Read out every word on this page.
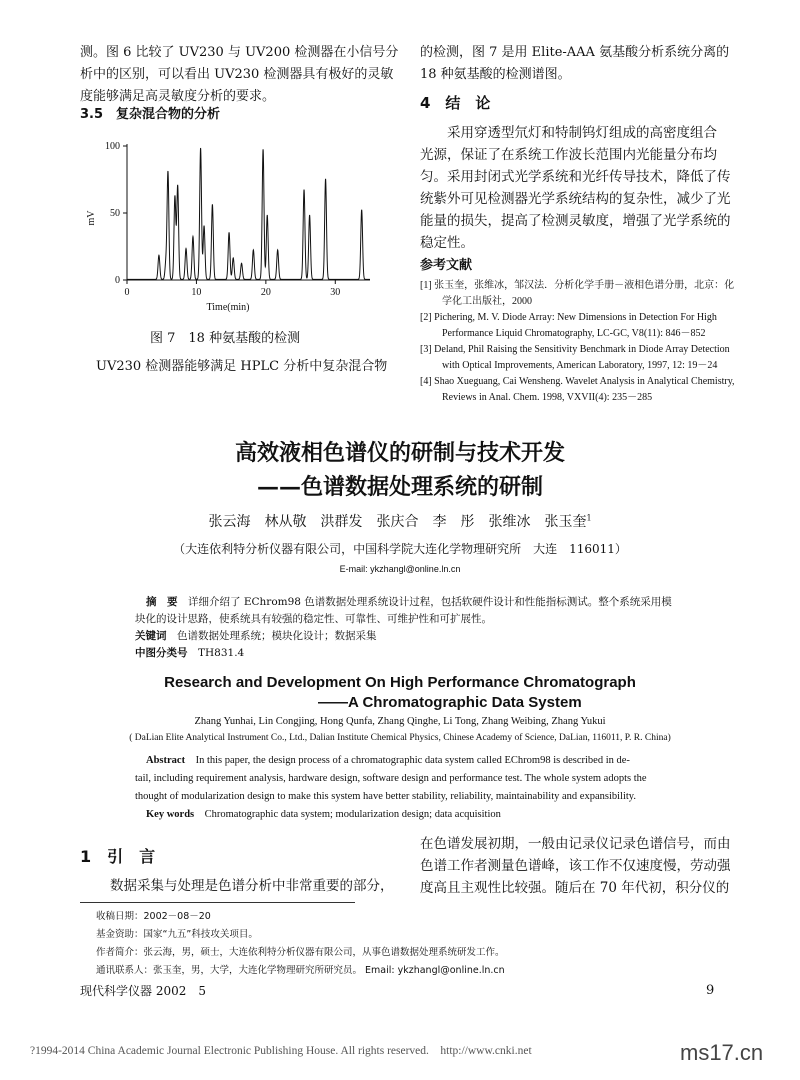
测。图 6 比较了 UV230 与 UV200 检测器在小信号分
析中的区别，可以看出 UV230 检测器具有极好的灵敏
度能够满足高灵敏度分析的要求。
3.5　复杂混合物的分析
0
50
100
0	10	20	30
mV
Time(min)
图 7　18 种氨基酸的检测
UV230 检测器能够满足 HPLC 分析中复杂混合物
的检测，图 7 是用 Elite-AAA 氨基酸分析系统分离的
18 种氨基酸的检测谱图。
4　结　论
采用穿透型氘灯和特制钨灯组成的高密度组合
光源，保证了在系统工作波长范围内光能量分布均
匀。采用封闭式光学系统和光纤传导技术，降低了传
统紫外可见检测器光学系统结构的复杂性，减少了光
能量的损失，提高了检测灵敏度，增强了光学系统的
稳定性。
参考文献
[1] 张玉奎，张维冰，邹汉法．分析化学手册－液相色谱分册，北京：化
学化工出版社，2000
[2] Pichering, M. V. Diode Array: New Dimensions in Detection For High
Performance Liquid Chromatography, LC-GC, V8(11): 846－852
[3] Deland, Phil Raising the Sensitivity Benchmark in Diode Array Detection
with Optical Improvements, American Laboratory, 1997, 12: 19－24
[4] Shao Xueguang, Cai Wensheng. Wavelet Analysis in Analytical Chemistry,
Reviews in Anal. Chem. 1998, VXVII(4): 235－285
高效液相色谱仪的研制与技术开发
——色谱数据处理系统的研制
张云海　林从敬　洪群发　张庆合　李　彤　张维冰　张玉奎$^1$
（大连依利特分析仪器有限公司，中国科学院大连化学物理研究所　大连　116011）
E-mail: ykzhangl@online.ln.cn
摘　要　 详细介绍了 EChrom98 色谱数据处理系统设计过程，包括软硬件设计和性能指标测试。整个系统采用模
块化的设计思路，使系统具有较强的稳定性、可靠性、可维护性和可扩展性。
关键词　 色谱数据处理系统；模块化设计；数据采集
中图分类号　 TH831.4
Research and Development On High Performance Chromatograph
——A Chromatographic Data System
Zhang Yunhai, Lin Congjing, Hong Qunfa, Zhang Qinghe, Li Tong, Zhang Weibing, Zhang Yukui
( DaLian Elite Analytical Instrument Co., Ltd., Dalian Institute Chemical Physics, Chinese Academy of Science, DaLian, 116011, P. R. China)
Abstract　 In this paper, the design process of a chromatographic data system called EChrom98 is described in de-
tail, including requirement analysis, hardware design, software design and performance test. The whole system adopts the
thought of modularization design to make this system have better stability, reliability, maintainability and expansibility.
Key words　 Chromatographic data system; modularization design; data acquisition
1　引　言
数据采集与处理是色谱分析中非常重要的部分，
在色谱发展初期，一般由记录仪记录色谱信号，而由
色谱工作者测量色谱峰，该工作不仅速度慢，劳动强
度高且主观性比较强。随后在 70 年代初，积分仪的
收稿日期：2002－08－20
基金资助：国家“九五”科技攻关项目。
作者简介：张云海，男，硕士，大连依利特分析仪器有限公司，从事色谱数据处理系统研发工作。
通讯联系人：张玉奎，男，大学，大连化学物理研究所研究员。 Email: ykzhangl@online.ln.cn
现代科学仪器 2002　5	9
?1994-2014 China Academic Journal Electronic Publishing House. All rights reserved.　http://www.cnki.net	ms17.cn
